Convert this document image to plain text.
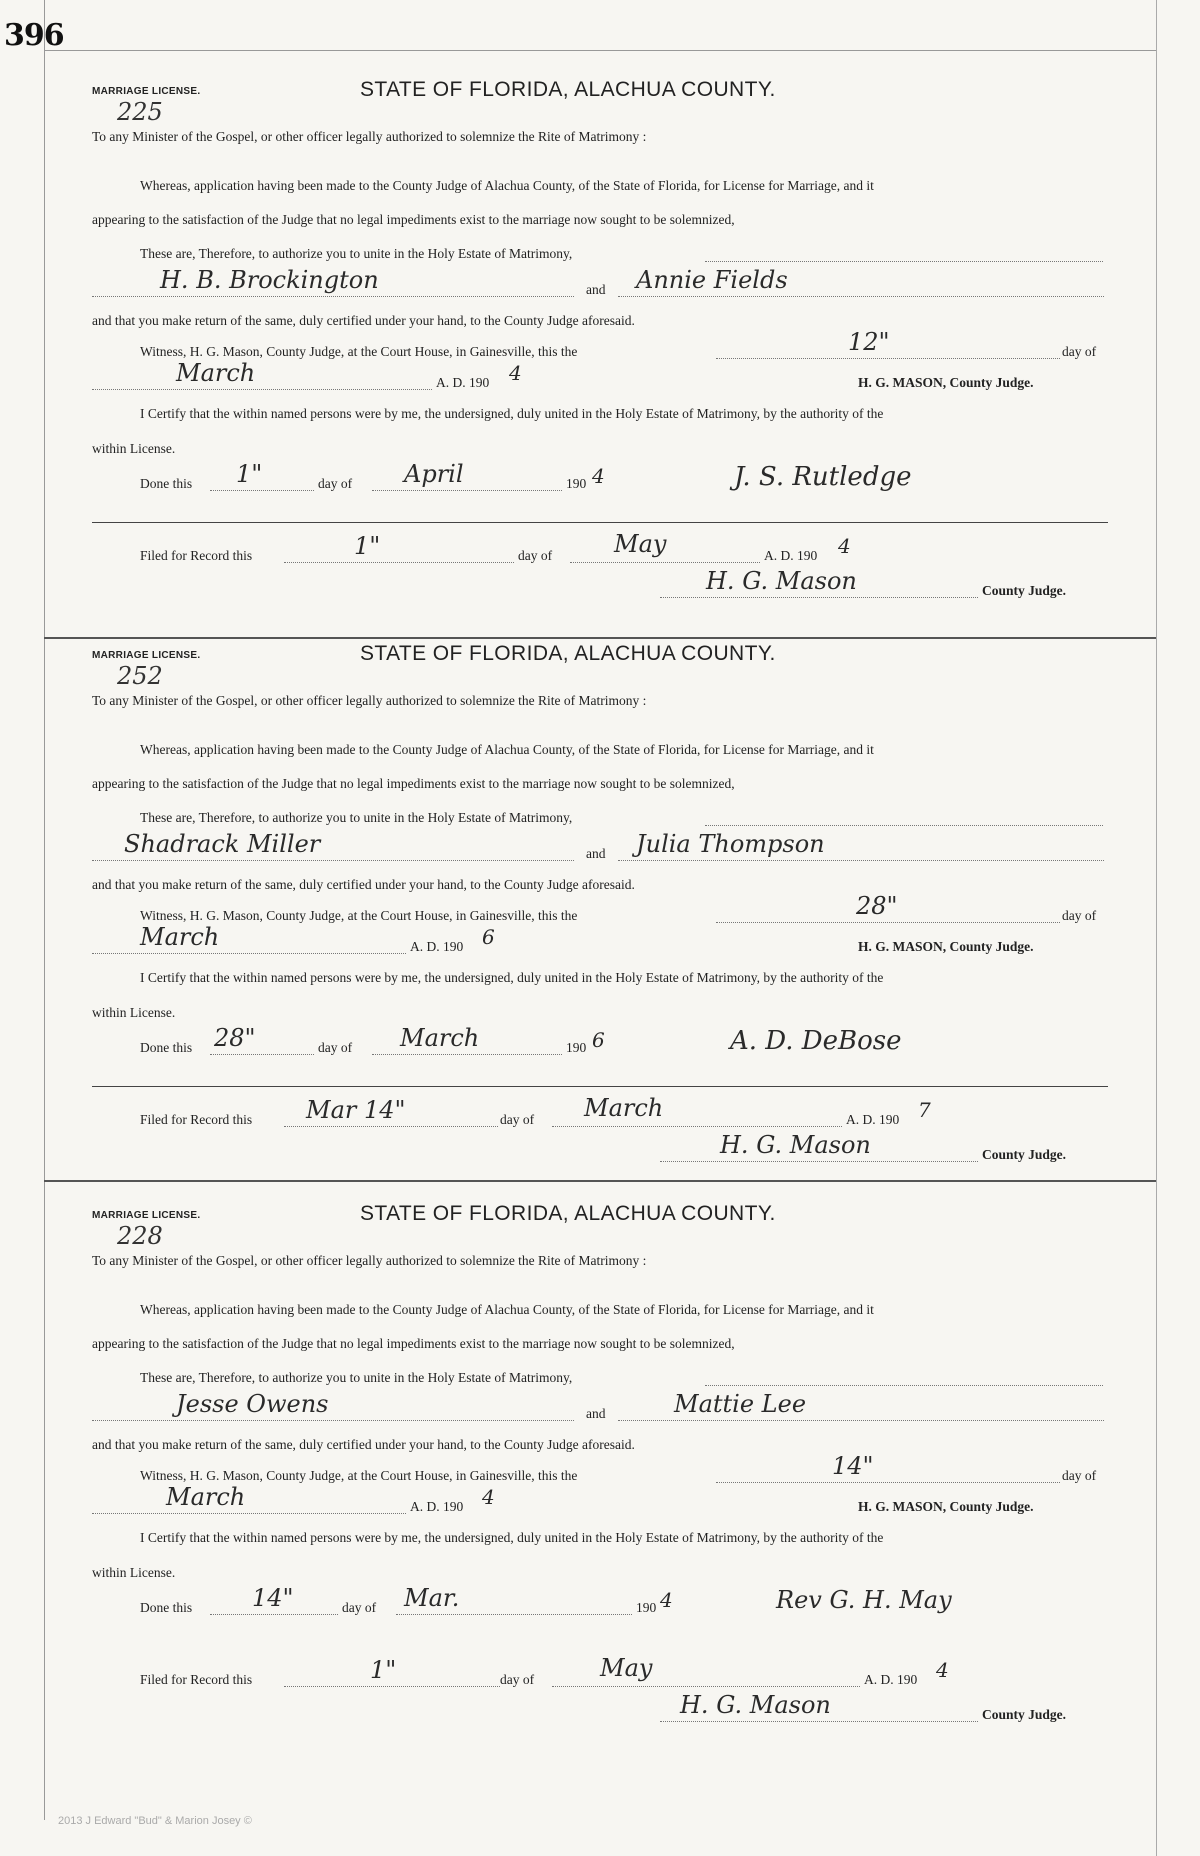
396
MARRIAGE LICENSE.	STATE OF FLORIDA, ALACHUA COUNTY.
225
To any Minister of the Gospel, or other officer legally authorized to solemnize the Rite of Matrimony :
Whereas, application having been made to the County Judge of Alachua County, of the State of Florida, for License for Marriage, and it
appearing to the satisfaction of the Judge that no legal impediments exist to the marriage now sought to be solemnized,
These are, Therefore, to authorize you to unite in the Holy Estate of Matrimony,
H. B. Brockington	and Annie Fields
and that you make return of the same, duly certified under your hand, to the County Judge aforesaid.
Witness, H. G. Mason, County Judge, at the Court House, in Gainesville, this the	12"	day of
March	A. D. 190 4	H. G. MASON, County Judge.
I Certify that the within named persons were by me, the undersigned, duly united in the Holy Estate of Matrimony, by the authority of the
within License.
Done this 1"	day of April	190 4	J. S. Rutledge
Filed for Record this	1"	day of	May	A. D. 190 4
H. G. Mason	County Judge.
MARRIAGE LICENSE.	STATE OF FLORIDA, ALACHUA COUNTY.
252
To any Minister of the Gospel, or other officer legally authorized to solemnize the Rite of Matrimony :
Whereas, application having been made to the County Judge of Alachua County, of the State of Florida, for License for Marriage, and it
appearing to the satisfaction of the Judge that no legal impediments exist to the marriage now sought to be solemnized,
These are, Therefore, to authorize you to unite in the Holy Estate of Matrimony,
Shadrack Miller	and Julia Thompson
and that you make return of the same, duly certified under your hand, to the County Judge aforesaid.
Witness, H. G. Mason, County Judge, at the Court House, in Gainesville, this the	28"	day of
March	A. D. 190 6	H. G. MASON, County Judge.
I Certify that the within named persons were by me, the undersigned, duly united in the Holy Estate of Matrimony, by the authority of the
within License.
Done this 28"	day of March	190 6	A. D. DeBose
Filed for Record this Mar 14"	day of March	A. D. 190 7
H. G. Mason	County Judge.
MARRIAGE LICENSE.	STATE OF FLORIDA, ALACHUA COUNTY.
228
To any Minister of the Gospel, or other officer legally authorized to solemnize the Rite of Matrimony :
Whereas, application having been made to the County Judge of Alachua County, of the State of Florida, for License for Marriage, and it
appearing to the satisfaction of the Judge that no legal impediments exist to the marriage now sought to be solemnized,
These are, Therefore, to authorize you to unite in the Holy Estate of Matrimony,
Jesse Owens	and	Mattie Lee
and that you make return of the same, duly certified under your hand, to the County Judge aforesaid.
Witness, H. G. Mason, County Judge, at the Court House, in Gainesville, this the	14"	day of
March	A. D. 190 4	H. G. MASON, County Judge.
I Certify that the within named persons were by me, the undersigned, duly united in the Holy Estate of Matrimony, by the authority of the
within License.
Done this 14"	day of Mar.	190 4	Rev G. H. May
Filed for Record this	1"	day of	May	A. D. 190 4
H. G. Mason	County Judge.
2013 J Edward "Bud" & Marion Josey ©
